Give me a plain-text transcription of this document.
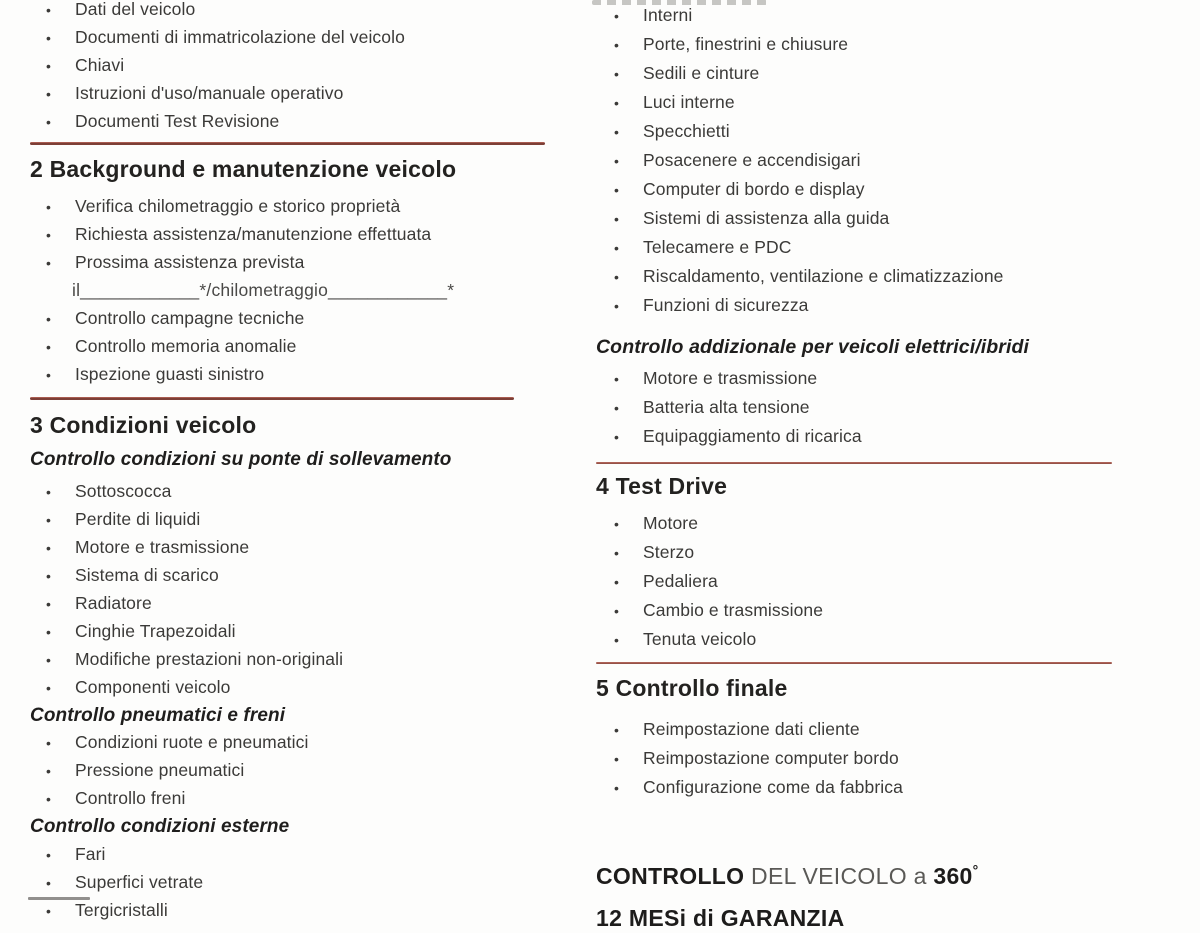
•	Dati del veicolo
•	Documenti di immatricolazione del veicolo
•	Chiavi
•	Istruzioni d'uso/manuale operativo
•	Documenti Test Revisione
2 Background e manutenzione veicolo
•	Verifica chilometraggio e storico proprietà
•	Richiesta assistenza/manutenzione effettuata
•	Prossima assistenza prevista
il____________*/chilometraggio____________*
•	Controllo campagne tecniche
•	Controllo memoria anomalie
•	Ispezione guasti sinistro
3 Condizioni veicolo
Controllo condizioni su ponte di sollevamento
•	Sottoscocca
•	Perdite di liquidi
•	Motore e trasmissione
•	Sistema di scarico
•	Radiatore
•	Cinghie Trapezoidali
•	Modifiche prestazioni non-originali
•	Componenti veicolo
Controllo pneumatici e freni
•	Condizioni ruote e pneumatici
•	Pressione pneumatici
•	Controllo freni
Controllo condizioni esterne
•	Fari
•	Superfici vetrate
•	Tergicristalli
•	Interni
•	Porte, finestrini e chiusure
•	Sedili e cinture
•	Luci interne
•	Specchietti
•	Posacenere e accendisigari
•	Computer di bordo e display
•	Sistemi di assistenza alla guida
•	Telecamere e PDC
•	Riscaldamento, ventilazione e climatizzazione
•	Funzioni di sicurezza
Controllo addizionale per veicoli elettrici/ibridi
•	Motore e trasmissione
•	Batteria alta tensione
•	Equipaggiamento di ricarica
4 Test Drive
•	Motore
•	Sterzo
•	Pedaliera
•	Cambio e trasmissione
•	Tenuta veicolo
5 Controllo finale
•	Reimpostazione dati cliente
•	Reimpostazione computer bordo
•	Configurazione come da fabbrica
CONTROLLO DEL VEICOLO a 360°
12 MESi di GARANZIA
